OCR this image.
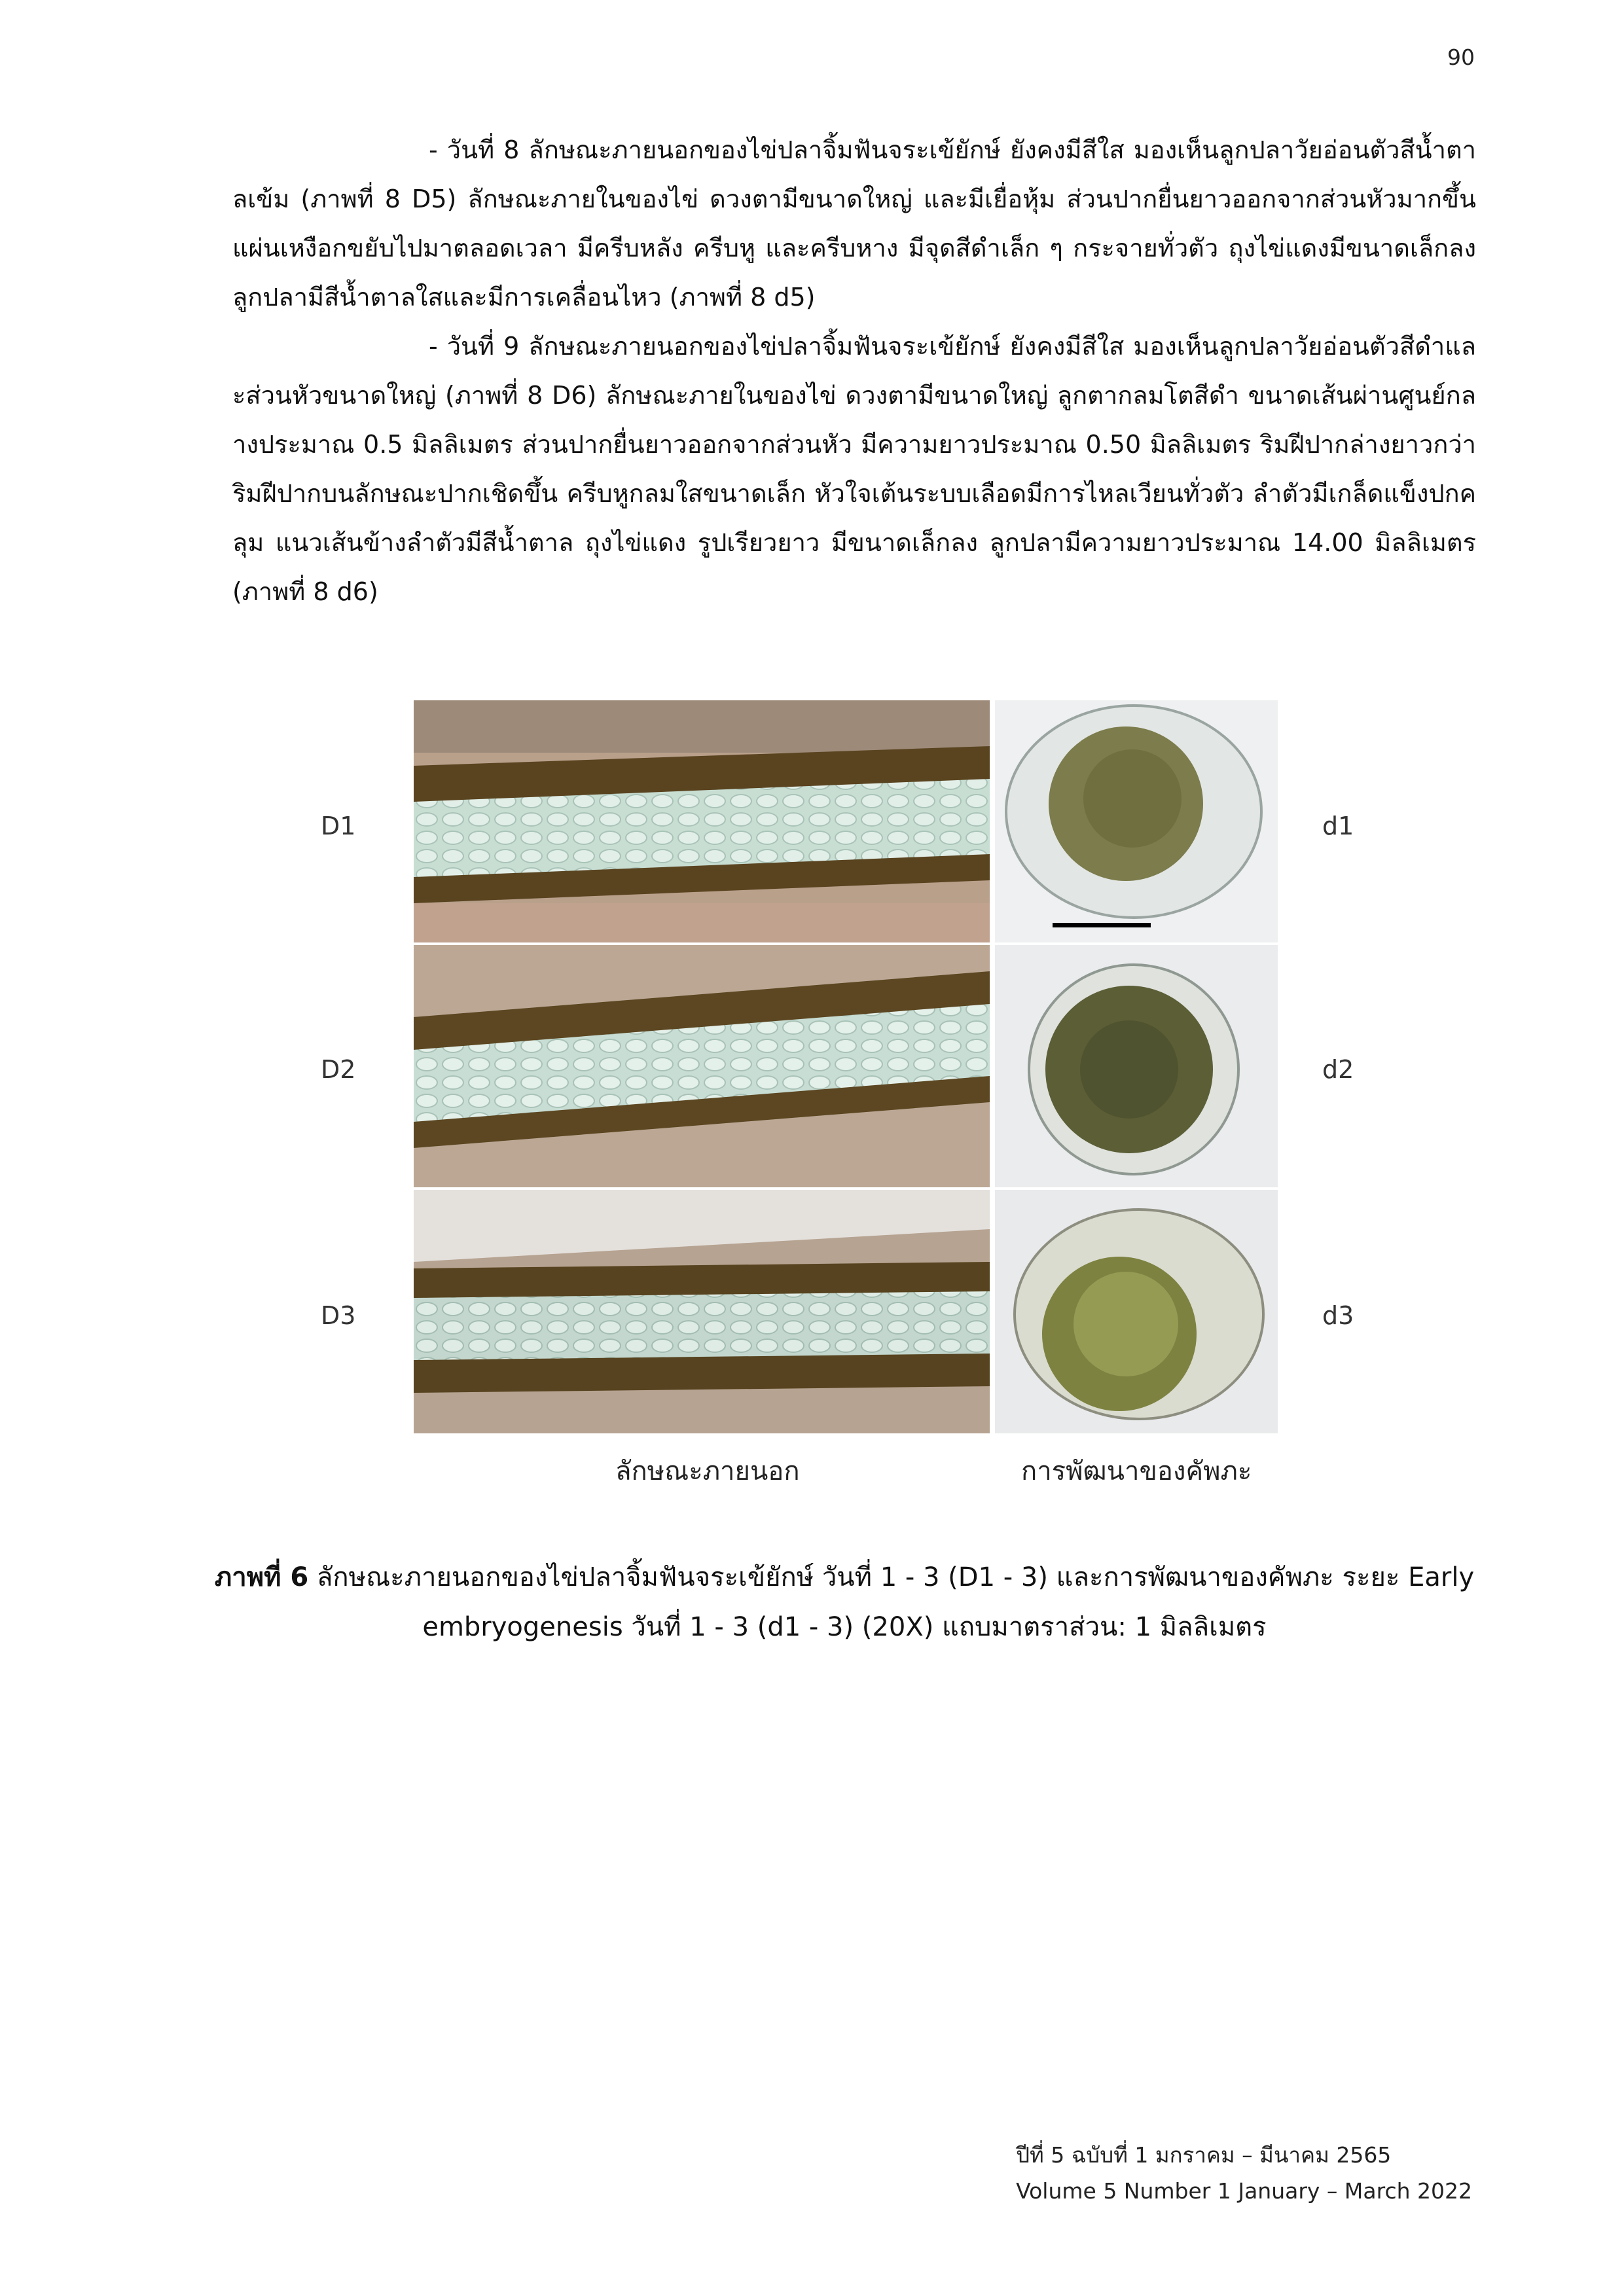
90

- วันที่ 8 ลักษณะภายนอกของไข่ปลาจิ้มฟันจระเข้ยักษ์ ยังคงมีสีใส มองเห็นลูกปลาวัยอ่อนตัวสีน้ำตาลเข้ม (ภาพที่ 8 D5) ลักษณะภายในของไข่ ดวงตามีขนาดใหญ่ และมีเยื่อหุ้ม ส่วนปากยื่นยาวออกจากส่วนหัวมากขึ้น แผ่นเหงือกขยับไปมาตลอดเวลา มีครีบหลัง ครีบหู และครีบหาง มีจุดสีดำเล็ก ๆ กระจายทั่วตัว ถุงไข่แดงมีขนาดเล็กลง ลูกปลามีสีน้ำตาลใสและมีการเคลื่อนไหว (ภาพที่ 8 d5)

- วันที่ 9 ลักษณะภายนอกของไข่ปลาจิ้มฟันจระเข้ยักษ์ ยังคงมีสีใส มองเห็นลูกปลาวัยอ่อนตัวสีดำและส่วนหัวขนาดใหญ่ (ภาพที่ 8 D6) ลักษณะภายในของไข่ ดวงตามีขนาดใหญ่ ลูกตากลมโตสีดำ ขนาดเส้นผ่านศูนย์กลางประมาณ 0.5 มิลลิเมตร ส่วนปากยื่นยาวออกจากส่วนหัว มีความยาวประมาณ 0.50 มิลลิเมตร ริมฝีปากล่างยาวกว่าริมฝีปากบนลักษณะปากเชิดขึ้น ครีบหูกลมใสขนาดเล็ก หัวใจเต้นระบบเลือดมีการไหลเวียนทั่วตัว ลำตัวมีเกล็ดแข็งปกคลุม แนวเส้นข้างลำตัวมีสีน้ำตาล ถุงไข่แดง รูปเรียวยาว มีขนาดเล็กลง ลูกปลามีความยาวประมาณ 14.00 มิลลิเมตร (ภาพที่ 8 d6)

D1
D2
D3
d1
d2
d3
ลักษณะภายนอก	การพัฒนาของคัพภะ
ภาพที่ 6 ลักษณะภายนอกของไข่ปลาจิ้มฟันจระเข้ยักษ์ วันที่ 1 - 3 (D1 - 3) และการพัฒนาของคัพภะ ระยะ Early embryogenesis วันที่ 1 - 3 (d1 - 3) (20X) แถบมาตราส่วน: 1 มิลลิเมตร
ปีที่ 5 ฉบับที่ 1 มกราคม – มีนาคม 2565
Volume 5 Number 1 January – March 2022
